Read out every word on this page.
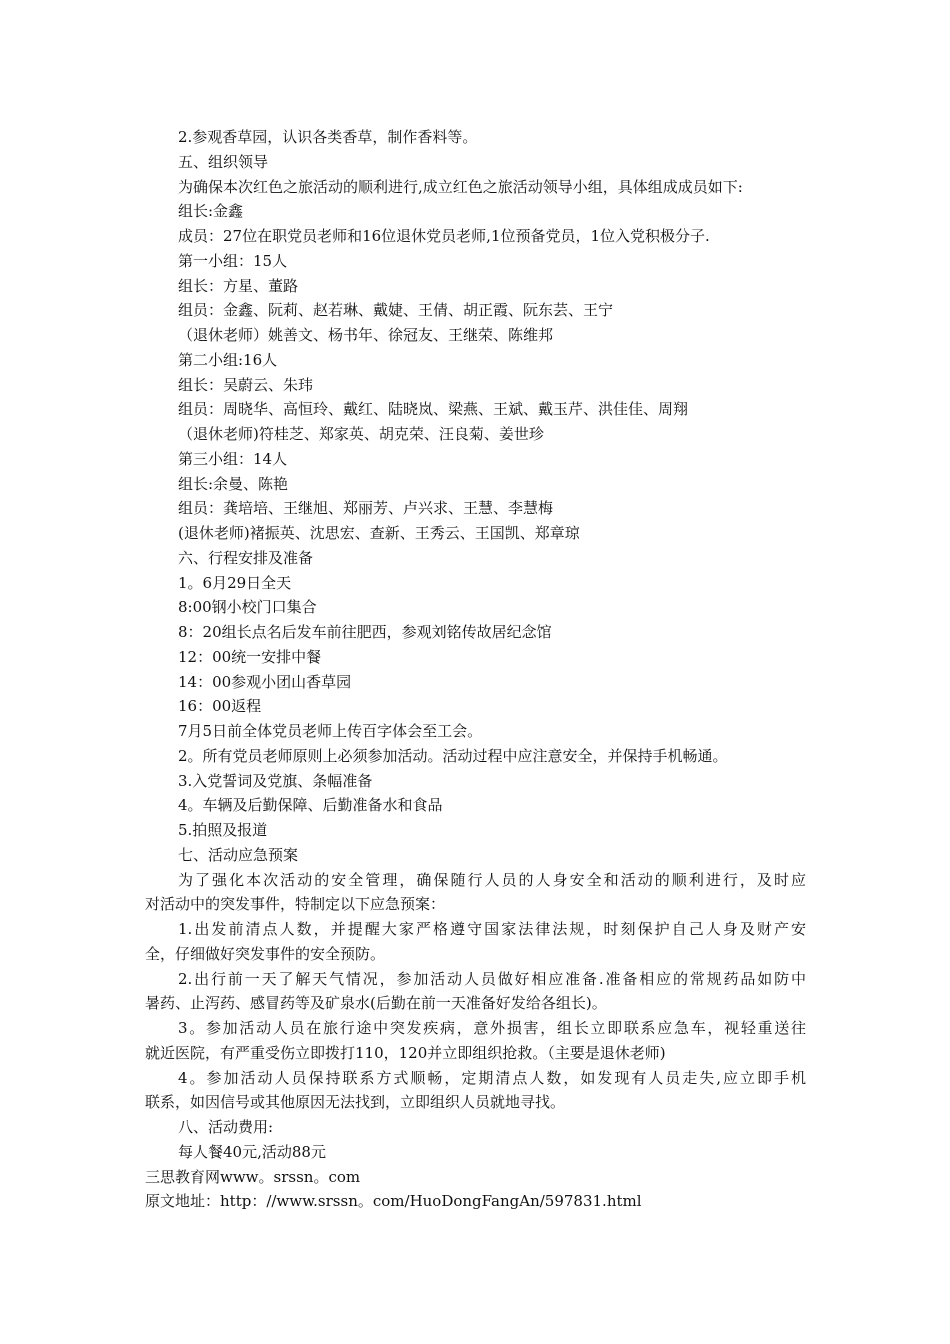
2.参观香草园，认识各类香草，制作香料等。
五、组织领导
为确保本次红色之旅活动的顺利进行,成立红色之旅活动领导小组，具体组成成员如下:
组长:金鑫
成员：27位在职党员老师和16位退休党员老师,1位预备党员，1位入党积极分子.
第一小组：15人
组长：方星、董路
组员：金鑫、阮莉、赵若琳、戴婕、王倩、胡正霞、阮东芸、王宁
（退休老师）姚善文、杨书年、徐冠友、王继荣、陈维邦
第二小组:16人
组长：吴蔚云、朱玮
组员：周晓华、高恒玲、戴红、陆晓岚、梁燕、王斌、戴玉芹、洪佳佳、周翔
（退休老师)符桂芝、郑家英、胡克荣、汪良菊、姜世珍
第三小组：14人
组长:余曼、陈艳
组员：龚培培、王继旭、郑丽芳、卢兴求、王慧、李慧梅
(退休老师)褚振英、沈思宏、查新、王秀云、王国凯、郑章琼
六、行程安排及准备
1。6月29日全天
8:00钢小校门口集合
8：20组长点名后发车前往肥西，参观刘铭传故居纪念馆
12：00统一安排中餐
14：00参观小团山香草园
16：00返程
7月5日前全体党员老师上传百字体会至工会。
2。所有党员老师原则上必须参加活动。活动过程中应注意安全，并保持手机畅通。
3.入党誓词及党旗、条幅准备
4。车辆及后勤保障、后勤准备水和食品
5.拍照及报道
七、活动应急预案
为了强化本次活动的安全管理，确保随行人员的人身安全和活动的顺利进行，及时应
对活动中的突发事件，特制定以下应急预案：
1.出发前清点人数，并提醒大家严格遵守国家法律法规，时刻保护自己人身及财产安
全，仔细做好突发事件的安全预防。
2.出行前一天了解天气情况，参加活动人员做好相应准备.准备相应的常规药品如防中
暑药、止泻药、感冒药等及矿泉水(后勤在前一天准备好发给各组长)。
3。参加活动人员在旅行途中突发疾病，意外损害，组长立即联系应急车，视轻重送往
就近医院，有严重受伤立即拨打110，120并立即组织抢救。（主要是退休老师)
4。参加活动人员保持联系方式顺畅，定期清点人数，如发现有人员走失,应立即手机
联系，如因信号或其他原因无法找到，立即组织人员就地寻找。
八、活动费用:
每人餐40元,活动88元
三思教育网www。srssn。com
原文地址：http：//www.srssn。com/HuoDongFangAn/597831.html
